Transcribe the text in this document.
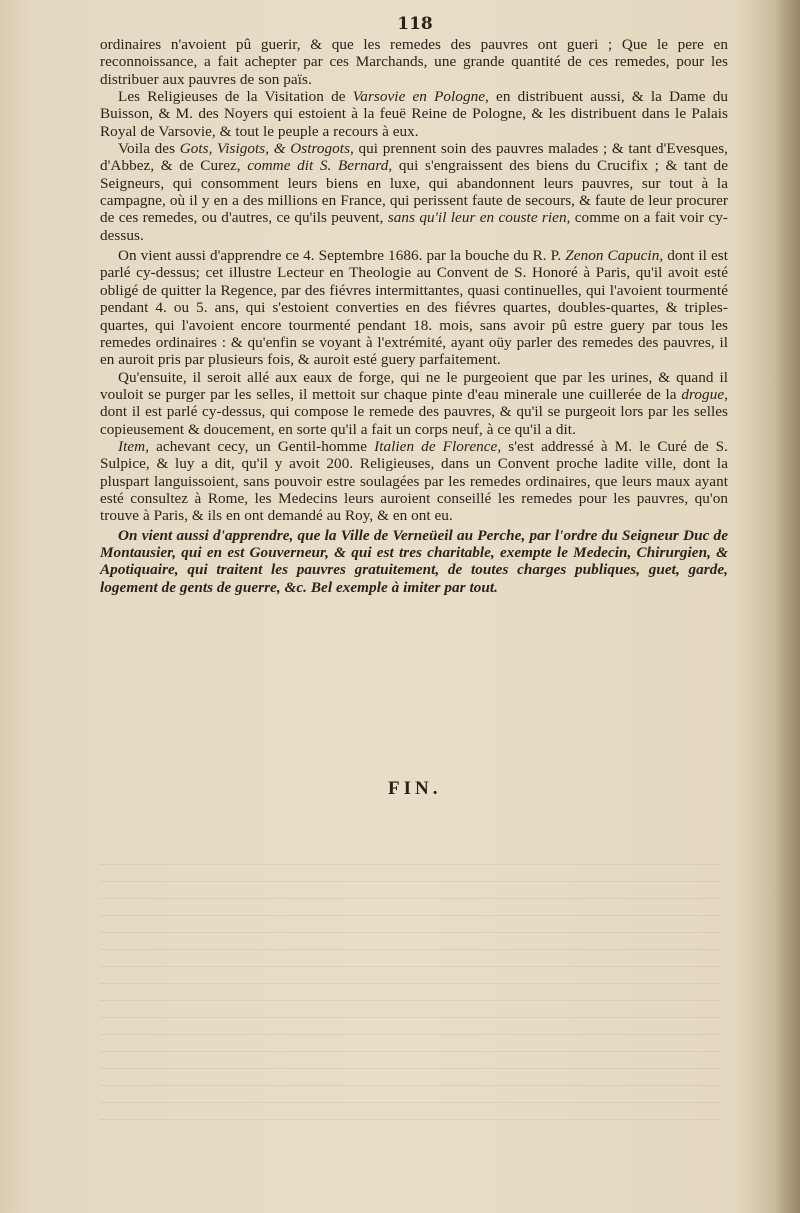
118

ordinaires n'avoient pû guerir, & que les remedes des pauvres ont gueri ; Que le pere en reconnoissance, a fait achepter par ces Marchands, une grande quantité de ces remedes, pour les distribuer aux pauvres de son païs.

Les Religieuses de la Visitation de Varsovie en Pologne, en distribuent aussi, & la Dame du Buisson, & M. des Noyers qui estoient à la feuë Reine de Pologne, & les distribuent dans le Palais Royal de Varsovie, & tout le peuple a recours à eux.

Voila des Gots, Visigots, & Ostrogots, qui prennent soin des pauvres malades ; & tant d'Evesques, d'Abbez, & de Curez, comme dit S. Bernard, qui s'engraissent des biens du Crucifix ; & tant de Seigneurs, qui consomment leurs biens en luxe, qui abandonnent leurs pauvres, sur tout à la campagne, où il y en a des millions en France, qui perissent faute de secours, & faute de leur procurer de ces remedes, ou d'autres, ce qu'ils peuvent, sans qu'il leur en couste rien, comme on a fait voir cy-dessus.

On vient aussi d'apprendre ce 4. Septembre 1686. par la bouche du R. P. Zenon Capucin, dont il est parlé cy-dessus; cet illustre Lecteur en Theologie au Convent de S. Honoré à Paris, qu'il avoit esté obligé de quitter la Regence, par des fiévres intermittantes, quasi continuelles, qui l'avoient tourmenté pendant 4. ou 5. ans, qui s'estoient converties en des fiévres quartes, doubles-quartes, & triples-quartes, qui l'avoient encore tourmenté pendant 18. mois, sans avoir pû estre guery par tous les remedes ordinaires : & qu'enfin se voyant à l'extrémité, ayant oüy parler des remedes des pauvres, il en auroit pris par plusieurs fois, & auroit esté guery parfaitement.

Qu'ensuite, il seroit allé aux eaux de forge, qui ne le purgeoient que par les urines, & quand il vouloit se purger par les selles, il mettoit sur chaque pinte d'eau minerale une cuillerée de la drogue, dont il est parlé cy-dessus, qui compose le remede des pauvres, & qu'il se purgeoit lors par les selles copieusement & doucement, en sorte qu'il a fait un corps neuf, à ce qu'il a dit.

Item, achevant cecy, un Gentil-homme Italien de Florence, s'est addressé à M. le Curé de S. Sulpice, & luy a dit, qu'il y avoit 200. Religieuses, dans un Convent proche ladite ville, dont la pluspart languissoient, sans pouvoir estre soulagées par les remedes ordinaires, que leurs maux ayant esté consultez à Rome, les Medecins leurs auroient conseillé les remedes pour les pauvres, qu'on trouve à Paris, & ils en ont demandé au Roy, & en ont eu.

On vient aussi d'apprendre, que la Ville de Verneüeil au Perche, par l'ordre du Seigneur Duc de Montausier, qui en est Gouverneur, & qui est tres charitable, exempte le Medecin, Chirurgien, & Apotiquaire, qui traitent les pauvres gratuitement, de toutes charges publiques, guet, garde, logement de gents de guerre, &c. Bel exemple à imiter par tout.

FIN.
